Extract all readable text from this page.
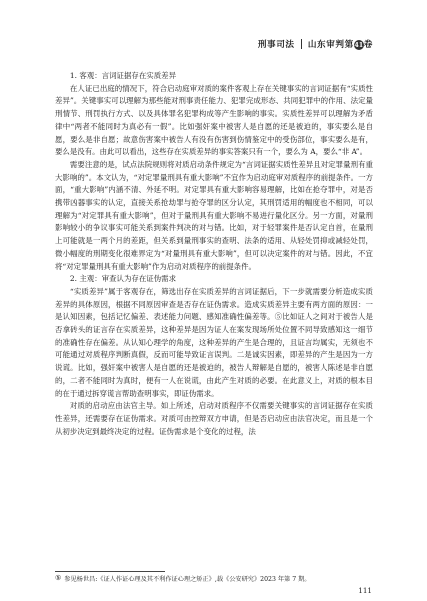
刑事司法 山东审判第41卷
1. 客观：言词证据存在实质差异

在人证已出庭的情况下，符合启动庭审对质的案件客观上存在关键事实的言词证据有“实质性差异”。关键事实可以理解为那些能对刑事责任能力、犯罪完成形态、共同犯罪中的作用、法定量刑情节、刑罚执行方式、以及具体罪名犯罪构成等产生影响的事实。实质性差异可以理解为矛盾律中“两者不能同时为真必有一假”。比如强奸案中被害人是自愿的还是被迫的，事实要么是自愿，要么是非自愿；故意伤害案中被告人有没有伤害到伤情鉴定中的受伤部位，事实要么是有，要么是没有。由此可以看出，这些存在实质差异的事实答案只有一个，要么为 A，要么“非 A”。

需要注意的是，试点法院规则将对质启动条件规定为“言词证据实质性差异且对定罪量刑有重大影响的”。本文认为，“对定罪量刑具有重大影响”不宜作为启动庭审对质程序的前提条件。一方面，“重大影响”内涵不清、外延不明。对定罪具有重大影响容易理解，比如在抢夺罪中，对是否携带凶器事实的认定，直接关系抢劫罪与抢夺罪的区分认定，其刑罚适用的幅度也不相同，可以理解为“对定罪具有重大影响”，但对于量刑具有重大影响不易进行量化区分。另一方面，对量刑影响较小的争议事实可能关系到案件判决的对与错。比如，对于轻罪案件是否认定自首，在量刑上可能就是一两个月的差距，但关系到量刑事实的查明、法条的适用、从轻处罚抑或减轻处罚，微小幅度的刑期变化很难界定为“对量刑具有重大影响”，但可以决定案件的对与错。因此，不宜将“对定罪量刑具有重大影响”作为启动对质程序的前提条件。

2. 主观：审查认为存在证伪需求

“实质差异”属于客观存在，筛选出存在实质差异的言词证据后，下一步就需要分析造成实质差异的具体原因，根据不同原因审查是否存在证伪需求。造成实质差异主要有两方面的原因：一是认知因素，包括记忆偏差、表述能力问题、感知准确性偏差等。⑤比如证人之间对于被告人是否拿砖头的证言存在实质差异，这种差异是因为证人在案发现场所处位置不同导致感知这一细节的准确性存在偏差。从认知心理学的角度，这种差异的产生是合理的，且证言均属实，无须也不可能通过对质程序判断真假，反而可能导致证言误判。二是诚实因素，即差异的产生是因为一方说谎。比如，强奸案中被害人是自愿的还是被迫的，被告人辩解是自愿的，被害人陈述是非自愿的，二者不能同时为真时，便有一人在说谎，由此产生对质的必要。在此意义上，对质的根本目的在于通过拆穿谎言帮助查明事实，即证伪需求。

对质的启动应由法官主导。如上所述，启动对质程序不仅需要关键事实的言词证据存在实质性差异，还需要存在证伪需求。对质可由控辩双方申请，但是否启动应由法官决定，而且是一个从初步决定到最终决定的过程。证伪需求是个变化的过程，法

⑤ 参见杨世昌:《证人作证心理及其不利作证心理之矫正》,载《公安研究》2023 年第 7 期。
111
